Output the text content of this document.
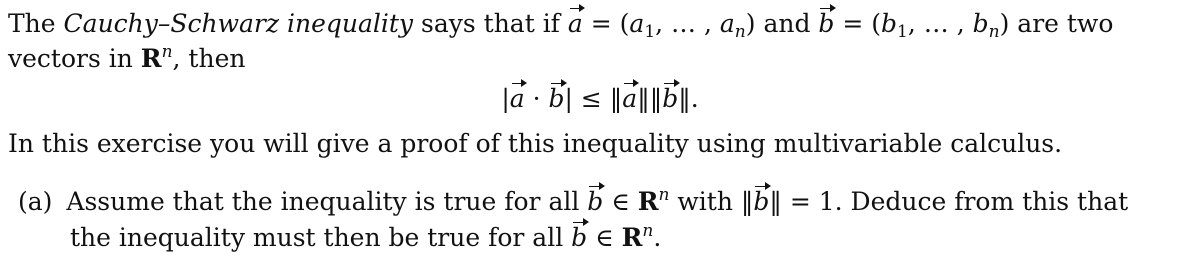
The Cauchy–Schwarz inequality says that if $a = (a_1$, … , $a_n$) and $b = (b_1$, … , $b_n$) are two
vectors in $R^n$, then
|a · b| ≤ ‖a‖‖b‖.
In this exercise you will give a proof of this inequality using multivariable calculus.
(a) Assume that the inequality is true for all b ∈ $R^n$ with ‖b‖ = 1. Deduce from this that
the inequality must then be true for all b ∈ $R^n$.
